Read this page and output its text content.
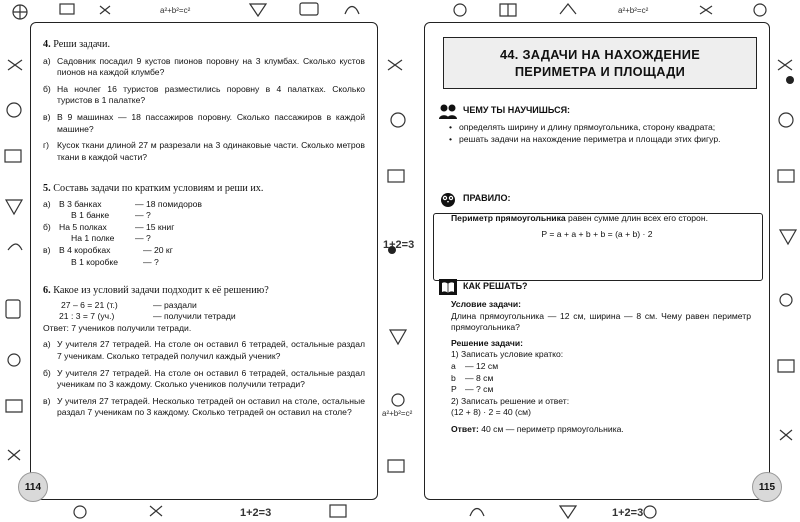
a²+b²=c²	a²+b²=c²
a²+b²=c²
1+2=3
1+2=3	1+2=3
4. Реши задачи.
а) Садовник посадил 9 кустов пионов поровну на 3 клумбах. Сколько кустов пионов на каждой клумбе?
б) На ночлег 16 туристов разместились поровну в 4 палатках. Сколько туристов в 1 палатке?
в) В 9 машинах — 18 пассажиров поровну. Сколько пассажиров в каждой машине?
г) Кусок ткани длиной 27 м разрезали на 3 одинаковые части. Сколько метров ткани в каждой части?
5. Составь задачи по кратким условиям и реши их.
а) В 3 банках	— 18 помидоров
В 1 банке	— ?
б) На 5 полках	— 15 книг
На 1 полке — ?
в) В 4 коробках	— 20 кг
В 1 коробке	— ?
6. Какое из условий задачи подходит к её решению?
27 – 6 = 21 (т.)	— раздали
21 : 3 = 7 (уч.)	— получили тетради
Ответ: 7 учеников получили тетради.
а) У учителя 27 тетрадей. На столе он оставил 6 тетрадей, остальные раздал 7 ученикам. Сколько тетрадей получил каждый ученик?
б) У учителя 27 тетрадей. На столе он оставил 6 тетрадей, остальные раздал ученикам по 3 каждому. Сколько учеников получили тетради?
в) У учителя 27 тетрадей. Несколько тетрадей он оставил на столе, остальные раздал 7 ученикам по 3 каждому. Сколько тетрадей он оставил на столе?
114
44. ЗАДАЧИ НА НАХОЖДЕНИЕ
ПЕРИМЕТРА И ПЛОЩАДИ
ЧЕМУ ТЫ НАУЧИШЬСЯ:
• определять ширину и длину прямоугольника, сторону квадрата;
• решать задачи на нахождение периметра и площади этих фигур.
ПРАВИЛО:
Периметр прямоугольника равен сумме длин всех его сторон.
P = a + a + b + b = (a + b) · 2
КАК РЕШАТЬ?
Условие задачи:
Длина прямоугольника — 12 см, ширина — 8 см. Чему равен периметр прямоугольника?
Решение задачи:
1) Записать условие кратко:
а — 12 см
b — 8 см
P — ? см
2) Записать решение и ответ:
(12 + 8) · 2 = 40 (см)
Ответ: 40 см — периметр прямоугольника.
115
